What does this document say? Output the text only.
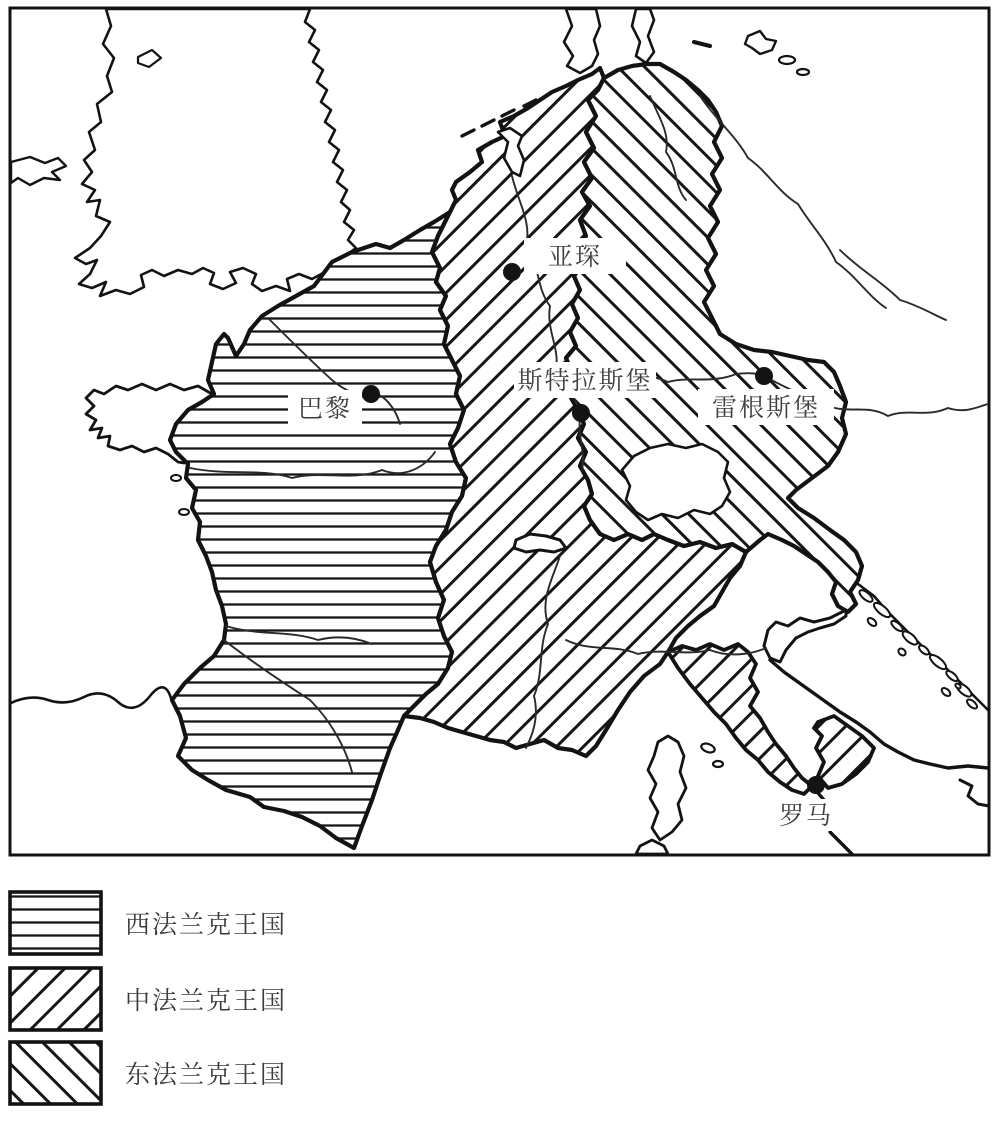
亚琛
巴黎
斯特拉斯堡
雷根斯堡
罗马
西法兰克王国
中法兰克王国
东法兰克王国
